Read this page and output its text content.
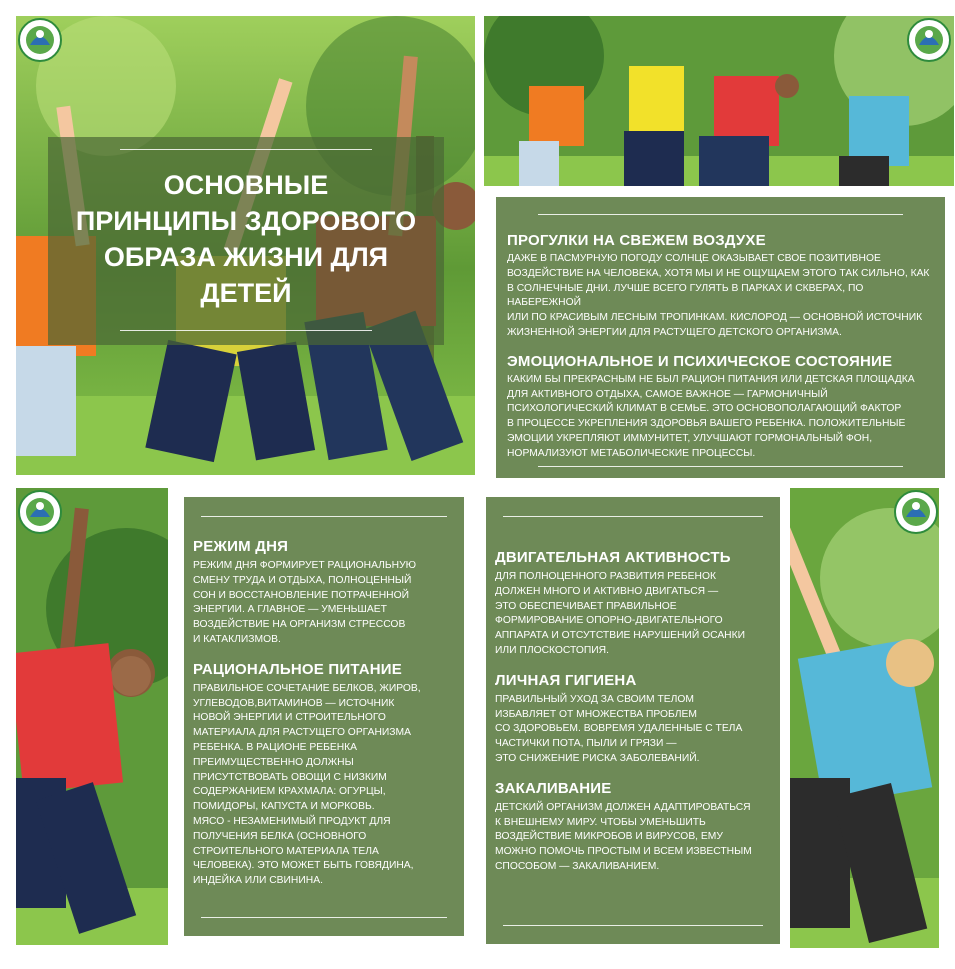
ОСНОВНЫЕ
ПРИНЦИПЫ ЗДОРОВОГО
ОБРАЗА ЖИЗНИ ДЛЯ
ДЕТЕЙ
ПРОГУЛКИ НА СВЕЖЕМ ВОЗДУХЕ
ДАЖЕ В ПАСМУРНУЮ ПОГОДУ СОЛНЦЕ ОКАЗЫВАЕТ СВОЕ ПОЗИТИВНОЕ
ВОЗДЕЙСТВИЕ НА ЧЕЛОВЕКА, ХОТЯ МЫ И НЕ ОЩУЩАЕМ ЭТОГО ТАК СИЛЬНО, КАК
В СОЛНЕЧНЫЕ ДНИ. ЛУЧШЕ ВСЕГО ГУЛЯТЬ В ПАРКАХ И СКВЕРАХ, ПО НАБЕРЕЖНОЙ
ИЛИ ПО КРАСИВЫМ ЛЕСНЫМ ТРОПИНКАМ. КИСЛОРОД — ОСНОВНОЙ ИСТОЧНИК
ЖИЗНЕННОЙ ЭНЕРГИИ ДЛЯ РАСТУЩЕГО ДЕТСКОГО ОРГАНИЗМА.
ЭМОЦИОНАЛЬНОЕ И ПСИХИЧЕСКОЕ СОСТОЯНИЕ
КАКИМ БЫ ПРЕКРАСНЫМ НЕ БЫЛ РАЦИОН ПИТАНИЯ ИЛИ ДЕТСКАЯ ПЛОЩАДКА
ДЛЯ АКТИВНОГО ОТДЫХА, САМОЕ ВАЖНОЕ — ГАРМОНИЧНЫЙ
ПСИХОЛОГИЧЕСКИЙ КЛИМАТ В СЕМЬЕ. ЭТО ОСНОВОПОЛАГАЮЩИЙ ФАКТОР
В ПРОЦЕССЕ УКРЕПЛЕНИЯ ЗДОРОВЬЯ ВАШЕГО РЕБЕНКА. ПОЛОЖИТЕЛЬНЫЕ
ЭМОЦИИ УКРЕПЛЯЮТ ИММУНИТЕТ, УЛУЧШАЮТ ГОРМОНАЛЬНЫЙ ФОН,
НОРМАЛИЗУЮТ МЕТАБОЛИЧЕСКИЕ ПРОЦЕССЫ.
РЕЖИМ ДНЯ
РЕЖИМ ДНЯ ФОРМИРУЕТ РАЦИОНАЛЬНУЮ
СМЕНУ ТРУДА И ОТДЫХА, ПОЛНОЦЕННЫЙ
СОН И ВОССТАНОВЛЕНИЕ ПОТРАЧЕННОЙ
ЭНЕРГИИ. А ГЛАВНОЕ — УМЕНЬШАЕТ
ВОЗДЕЙСТВИЕ НА ОРГАНИЗМ СТРЕССОВ
И КАТАКЛИЗМОВ.
РАЦИОНАЛЬНОЕ ПИТАНИЕ
ПРАВИЛЬНОЕ СОЧЕТАНИЕ БЕЛКОВ, ЖИРОВ,
УГЛЕВОДОВ,ВИТАМИНОВ — ИСТОЧНИК
НОВОЙ ЭНЕРГИИ И СТРОИТЕЛЬНОГО
МАТЕРИАЛА ДЛЯ РАСТУЩЕГО ОРГАНИЗМА
РЕБЕНКА. В РАЦИОНЕ РЕБЕНКА
ПРЕИМУЩЕСТВЕННО ДОЛЖНЫ
ПРИСУТСТВОВАТЬ ОВОЩИ С НИЗКИМ
СОДЕРЖАНИЕМ КРАХМАЛА: ОГУРЦЫ,
ПОМИДОРЫ, КАПУСТА И МОРКОВЬ.
МЯСО - НЕЗАМЕНИМЫЙ ПРОДУКТ ДЛЯ
ПОЛУЧЕНИЯ БЕЛКА (ОСНОВНОГО
СТРОИТЕЛЬНОГО МАТЕРИАЛА ТЕЛА
ЧЕЛОВЕКА). ЭТО МОЖЕТ БЫТЬ ГОВЯДИНА,
ИНДЕЙКА ИЛИ СВИНИНА.
ДВИГАТЕЛЬНАЯ АКТИВНОСТЬ
ДЛЯ ПОЛНОЦЕННОГО РАЗВИТИЯ РЕБЕНОК
ДОЛЖЕН МНОГО И АКТИВНО ДВИГАТЬСЯ —
ЭТО ОБЕСПЕЧИВАЕТ ПРАВИЛЬНОЕ
ФОРМИРОВАНИЕ ОПОРНО-ДВИГАТЕЛЬНОГО
АППАРАТА И ОТСУТСТВИЕ НАРУШЕНИЙ ОСАНКИ
ИЛИ ПЛОСКОСТОПИЯ.
ЛИЧНАЯ ГИГИЕНА
ПРАВИЛЬНЫЙ УХОД ЗА СВОИМ ТЕЛОМ
ИЗБАВЛЯЕТ ОТ МНОЖЕСТВА ПРОБЛЕМ
СО ЗДОРОВЬЕМ. ВОВРЕМЯ УДАЛЕННЫЕ С ТЕЛА
ЧАСТИЧКИ ПОТА, ПЫЛИ И ГРЯЗИ —
ЭТО СНИЖЕНИЕ РИСКА ЗАБОЛЕВАНИЙ.
ЗАКАЛИВАНИЕ
ДЕТСКИЙ ОРГАНИЗМ ДОЛЖЕН АДАПТИРОВАТЬСЯ
К ВНЕШНЕМУ МИРУ. ЧТОБЫ УМЕНЬШИТЬ
ВОЗДЕЙСТВИЕ МИКРОБОВ И ВИРУСОВ, ЕМУ
МОЖНО ПОМОЧЬ ПРОСТЫМ И ВСЕМ ИЗВЕСТНЫМ
СПОСОБОМ — ЗАКАЛИВАНИЕМ.
